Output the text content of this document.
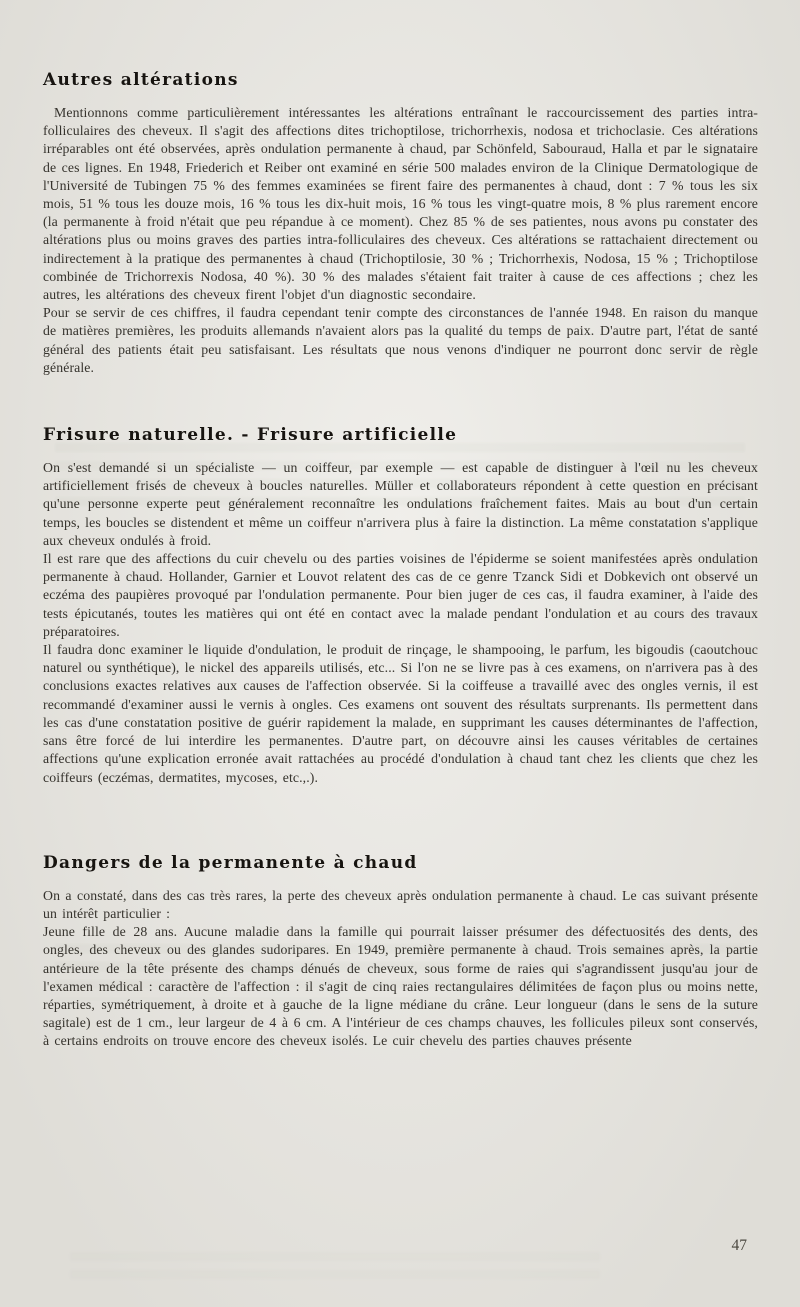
Autres altérations

Mentionnons comme particulièrement intéressantes les altérations entraînant le raccourcissement des parties intra-folliculaires des cheveux. Il s'agit des affections dites trichoptilose, trichorrhexis, nodosa et trichoclasie. Ces altérations irréparables ont été observées, après ondulation permanente à chaud, par Schönfeld, Sabouraud, Halla et par le signataire de ces lignes. En 1948, Friederich et Reiber ont examiné en série 500 malades environ de la Clinique Dermatologique de l'Université de Tubingen 75 % des femmes examinées se firent faire des permanentes à chaud, dont : 7 % tous les six mois, 51 % tous les douze mois, 16 % tous les dix-huit mois, 16 % tous les vingt-quatre mois, 8 % plus rarement encore (la permanente à froid n'était que peu répandue à ce moment). Chez 85 % de ses patientes, nous avons pu constater des altérations plus ou moins graves des parties intra-folliculaires des cheveux. Ces altérations se rattachaient directement ou indirectement à la pratique des permanentes à chaud (Trichoptilosie, 30 % ; Trichorrhexis, Nodosa, 15 % ; Trichoptilose combinée de Trichorrexis Nodosa, 40 %). 30 % des malades s'étaient fait traiter à cause de ces affections ; chez les autres, les altérations des cheveux firent l'objet d'un diagnostic secondaire.

Pour se servir de ces chiffres, il faudra cependant tenir compte des circonstances de l'année 1948. En raison du manque de matières premières, les produits allemands n'avaient alors pas la qualité du temps de paix. D'autre part, l'état de santé général des patients était peu satisfaisant. Les résultats que nous venons d'indiquer ne pourront donc servir de règle générale.

Frisure naturelle. - Frisure artificielle

On s'est demandé si un spécialiste — un coiffeur, par exemple — est capable de distinguer à l'œil nu les cheveux artificiellement frisés de cheveux à boucles naturelles. Müller et collaborateurs répondent à cette question en précisant qu'une personne experte peut généralement reconnaître les ondulations fraîchement faites. Mais au bout d'un certain temps, les boucles se distendent et même un coiffeur n'arrivera plus à faire la distinction. La même constatation s'applique aux cheveux ondulés à froid.

Il est rare que des affections du cuir chevelu ou des parties voisines de l'épiderme se soient manifestées après ondulation permanente à chaud. Hollander, Garnier et Louvot relatent des cas de ce genre Tzanck Sidi et Dobkevich ont observé un eczéma des paupières provoqué par l'ondulation permanente. Pour bien juger de ces cas, il faudra examiner, à l'aide des tests épicutanés, toutes les matières qui ont été en contact avec la malade pendant l'ondulation et au cours des travaux préparatoires.

Il faudra donc examiner le liquide d'ondulation, le produit de rinçage, le shampooing, le parfum, les bigoudis (caoutchouc naturel ou synthétique), le nickel des appareils utilisés, etc... Si l'on ne se livre pas à ces examens, on n'arrivera pas à des conclusions exactes relatives aux causes de l'affection observée. Si la coiffeuse a travaillé avec des ongles vernis, il est recommandé d'examiner aussi le vernis à ongles. Ces examens ont souvent des résultats surprenants. Ils permettent dans les cas d'une constatation positive de guérir rapidement la malade, en supprimant les causes déterminantes de l'affection, sans être forcé de lui interdire les permanentes. D'autre part, on découvre ainsi les causes véritables de certaines affections qu'une explication erronée avait rattachées au procédé d'ondulation à chaud tant chez les clients que chez les coiffeurs (eczémas, dermatites, mycoses, etc.,.).

Dangers de la permanente à chaud

On a constaté, dans des cas très rares, la perte des cheveux après ondulation permanente à chaud. Le cas suivant présente un intérêt particulier :

Jeune fille de 28 ans. Aucune maladie dans la famille qui pourrait laisser présumer des défectuosités des dents, des ongles, des cheveux ou des glandes sudoripares. En 1949, première permanente à chaud. Trois semaines après, la partie antérieure de la tête présente des champs dénués de cheveux, sous forme de raies qui s'agrandissent jusqu'au jour de l'examen médical : caractère de l'affection : il s'agit de cinq raies rectangulaires délimitées de façon plus ou moins nette, réparties, symétriquement, à droite et à gauche de la ligne médiane du crâne. Leur longueur (dans le sens de la suture sagitale) est de 1 cm., leur largeur de 4 à 6 cm. A l'intérieur de ces champs chauves, les follicules pileux sont conservés, à certains endroits on trouve encore des cheveux isolés. Le cuir chevelu des parties chauves présente

47
